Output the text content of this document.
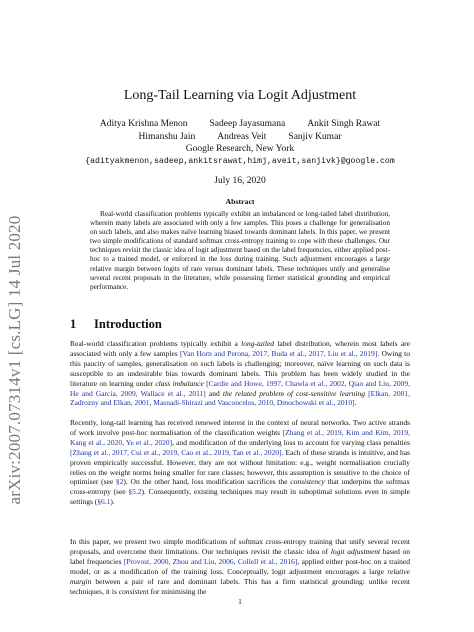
arXiv:2007.07314v1 [cs.LG] 14 Jul 2020
Long-Tail Learning via Logit Adjustment
Aditya Krishna Menon Sadeep Jayasumana Ankit Singh Rawat
Himanshu Jain Andreas Veit Sanjiv Kumar
Google Research, New York
{adityakmenon,sadeep,ankitsrawat,himj,aveit,sanjivk}@google.com
July 16, 2020
Abstract

Real-world classification problems typically exhibit an imbalanced or long-tailed label distribution, wherein many labels are associated with only a few samples. This poses a challenge for generalisation on such labels, and also makes naïve learning biased towards dominant labels. In this paper, we present two simple modifications of standard softmax cross-entropy training to cope with these challenges. Our techniques revisit the classic idea of logit adjustment based on the label frequencies, either applied post-hoc to a trained model, or enforced in the loss during training. Such adjustment encourages a large relative margin between logits of rare versus dominant labels. These techniques unify and generalise several recent proposals in the literature, while possessing firmer statistical grounding and empirical performance.

1 Introduction

Real-world classification problems typically exhibit a long-tailed label distribution, wherein most labels are associated with only a few samples [Van Horn and Perona, 2017, Buda et al., 2017, Liu et al., 2019]. Owing to this paucity of samples, generalisation on such labels is challenging; moreover, naïve learning on such data is susceptible to an undesirable bias towards dominant labels. This problem has been widely studied in the literature on learning under class imbalance [Cardie and Howe, 1997, Chawla et al., 2002, Qiao and Liu, 2009, He and Garcia, 2009, Wallace et al., 2011] and the related problem of cost-sensitive learning [Elkan, 2001, Zadrozny and Elkan, 2001, Masnadi-Shirazi and Vasconcelos, 2010, Dmochowski et al., 2010].

Recently, long-tail learning has received renewed interest in the context of neural networks. Two active strands of work involve post-hoc normalisation of the classification weights [Zhang et al., 2019, Kim and Kim, 2019, Kang et al., 2020, Ye et al., 2020], and modification of the underlying loss to account for varying class penalties [Zhang et al., 2017, Cui et al., 2019, Cao et al., 2019, Tan et al., 2020]. Each of these strands is intuitive, and has proven empirically successful. However, they are not without limitation: e.g., weight normalisation crucially relies on the weight norms being smaller for rare classes; however, this assumption is sensitive to the choice of optimiser (see §2). On the other hand, loss modification sacrifices the consistency that underpins the softmax cross-entropy (see §5.2). Consequently, existing techniques may result in suboptimal solutions even in simple settings (§6.1).

In this paper, we present two simple modifications of softmax cross-entropy training that unify several recent proposals, and overcome their limitations. Our techniques revisit the classic idea of logit adjustment based on label frequencies [Provost, 2000, Zhou and Liu, 2006, Collell et al., 2016], applied either post-hoc on a trained model, or as a modification of the training loss. Conceptually, logit adjustment encourages a large relative margin between a pair of rare and dominant labels. This has a firm statistical grounding: unlike recent techniques, it is consistent for minimising the

1
